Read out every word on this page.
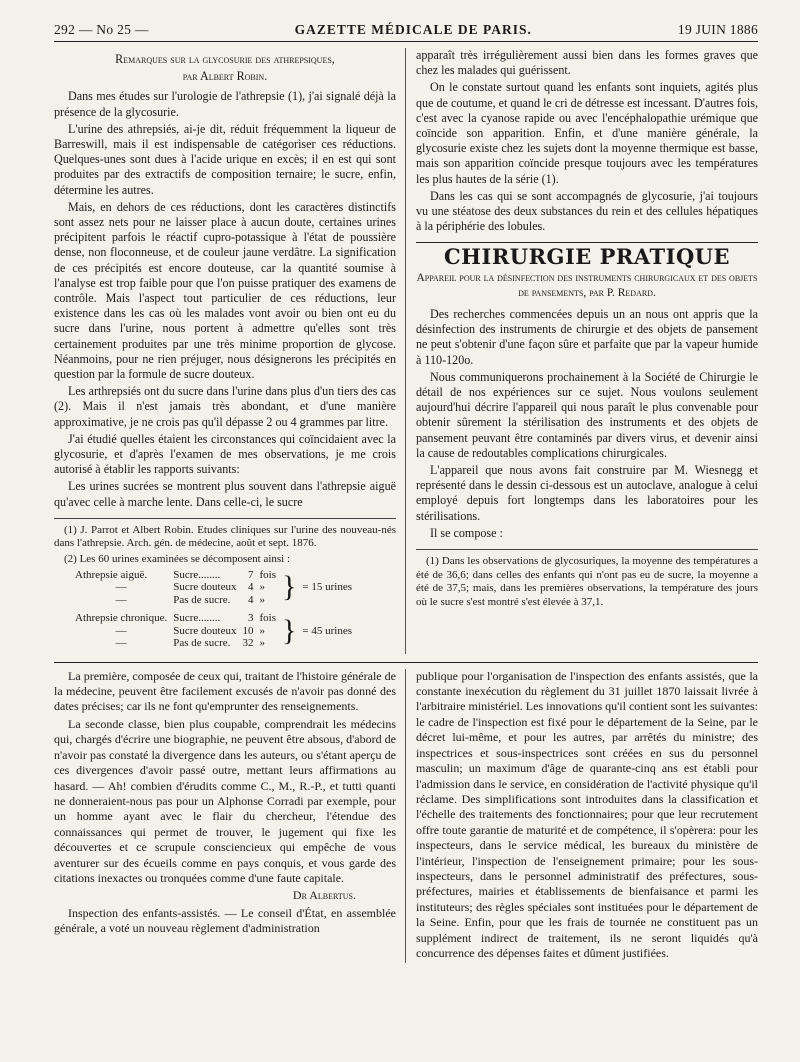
292 — No 25 —	GAZETTE MÉDICALE DE PARIS.	19 JUIN 1886

Remarques sur la glycosurie des athrepsiques,

par Albert Robin.

Dans mes études sur l'urologie de l'athrepsie (1), j'ai signalé déjà la présence de la glycosurie.

L'urine des athrepsiés, ai-je dit, réduit fréquemment la liqueur de Barreswill, mais il est indispensable de catégoriser ces réductions. Quelques-unes sont dues à l'acide urique en excès; il en est qui sont produites par des extractifs de composition ternaire; le sucre, enfin, détermine les autres.

Mais, en dehors de ces réductions, dont les caractères distinctifs sont assez nets pour ne laisser place à aucun doute, certaines urines précipitent parfois le réactif cupro-potassique à l'état de poussière dense, non floconneuse, et de couleur jaune verdâtre. La signification de ces précipités est encore douteuse, car la quantité soumise à l'analyse est trop faible pour que l'on puisse pratiquer des examens de contrôle. Mais l'aspect tout particulier de ces réductions, leur existence dans les cas où les malades vont avoir ou bien ont eu du sucre dans l'urine, nous portent à admettre qu'elles sont très certainement produites par une très minime proportion de glycose. Néanmoins, pour ne rien préjuger, nous désignerons les précipités en question par la formule de sucre douteux.

Les arthrepsiés ont du sucre dans l'urine dans plus d'un tiers des cas (2). Mais il n'est jamais très abondant, et d'une manière approximative, je ne crois pas qu'il dépasse 2 ou 4 grammes par litre.

J'ai étudié quelles étaient les circonstances qui coïncidaient avec la glycosurie, et d'après l'examen de mes observations, je me crois autorisé à établir les rapports suivants:

Les urines sucrées se montrent plus souvent dans l'athrepsie aiguë qu'avec celle à marche lente. Dans celle-ci, le sucre

(1) J. Parrot et Albert Robin. Etudes cliniques sur l'urine des nouveau-nés dans l'athrepsie. Arch. gén. de médecine, août et sept. 1876.

(2) Les 60 urines examinées se décomposent ainsi :

Athrepsie aiguë.	Sucre........	7	fois	}	= 15 urines
—	Sucre douteux	4	»		
—	Pas de sucre.	4	»		

Athrepsie chronique.	Sucre........	3	fois	}	= 45 urines
—	Sucre douteux	10	»		
—	Pas de sucre.	32	»		

apparaît très irrégulièrement aussi bien dans les formes graves que chez les malades qui guérissent.

On le constate surtout quand les enfants sont inquiets, agités plus que de coutume, et quand le cri de détresse est incessant. D'autres fois, c'est avec la cyanose rapide ou avec l'encéphalopathie urémique que coïncide son apparition. Enfin, et d'une manière générale, la glycosurie existe chez les sujets dont la moyenne thermique est basse, mais son apparition coïncide presque toujours avec les températures les plus hautes de la série (1).

Dans les cas qui se sont accompagnés de glycosurie, j'ai toujours vu une stéatose des deux substances du rein et des cellules hépatiques à la périphérie des lobules.

CHIRURGIE PRATIQUE

Appareil pour la désinfection des instruments chirurgicaux et des objets de pansements, par P. Redard.

Des recherches commencées depuis un an nous ont appris que la désinfection des instruments de chirurgie et des objets de pansement ne peut s'obtenir d'une façon sûre et parfaite que par la vapeur humide à 110-120o.

Nous communiquerons prochainement à la Société de Chirurgie le détail de nos expériences sur ce sujet. Nous voulons seulement aujourd'hui décrire l'appareil qui nous paraît le plus convenable pour obtenir sûrement la stérilisation des instruments et des objets de pansement peuvant être contaminés par divers virus, et devenir ainsi la cause de redoutables complications chirurgicales.

L'appareil que nous avons fait construire par M. Wiesnegg et représenté dans le dessin ci-dessous est un autoclave, analogue à celui employé depuis fort longtemps dans les laboratoires pour les stérilisations.

Il se compose :

(1) Dans les observations de glycosuriques, la moyenne des températures a été de 36,6; dans celles des enfants qui n'ont pas eu de sucre, la moyenne a été de 37,5; mais, dans les premières observations, la température des jours où le sucre s'est montré s'est élevée à 37,1.

La première, composée de ceux qui, traitant de l'histoire générale de la médecine, peuvent être facilement excusés de n'avoir pas donné des dates précises; car ils ne font qu'emprunter des renseignements.

La seconde classe, bien plus coupable, comprendrait les médecins qui, chargés d'écrire une biographie, ne peuvent être absous, d'abord de n'avoir pas constaté la divergence dans les auteurs, ou s'étant aperçu de ces divergences d'avoir passé outre, mettant leurs affirmations au hasard. — Ah! combien d'érudits comme C., M., R.-P., et tutti quanti ne donneraient-nous pas pour un Alphonse Corradi par exemple, pour un homme ayant avec le flair du chercheur, l'étendue des connaissances qui permet de trouver, le jugement qui fixe les découvertes et ce scrupule consciencieux qui empêche de vous aventurer sur des écueils comme en pays conquis, et vous garde des citations inexactes ou tronquées comme d'une faute capitale.

Dr Albertus.

Inspection des enfants-assistés. — Le conseil d'État, en assemblée générale, a voté un nouveau règlement d'administration

publique pour l'organisation de l'inspection des enfants assistés, que la constante inexécution du règlement du 31 juillet 1870 laissait livrée à l'arbitraire ministériel. Les innovations qu'il contient sont les suivantes: le cadre de l'inspection est fixé pour le département de la Seine, par le décret lui-même, et pour les autres, par arrêtés du ministre; des inspectrices et sous-inspectrices sont créées en sus du personnel masculin; un maximum d'âge de quarante-cinq ans est établi pour l'admission dans le service, en considération de l'activité physique qu'il réclame. Des simplifications sont introduites dans la classification et l'échelle des traitements des fonctionnaires; pour que leur recrutement offre toute garantie de maturité et de compétence, il s'opèrera: pour les inspecteurs, dans le service médical, les bureaux du ministère de l'intérieur, l'inspection de l'enseignement primaire; pour les sous-inspecteurs, dans le personnel administratif des préfectures, sous-préfectures, mairies et établissements de bienfaisance et parmi les instituteurs; des règles spéciales sont instituées pour le département de la Seine. Enfin, pour que les frais de tournée ne constituent pas un supplément indirect de traitement, ils ne seront liquidés qu'à concurrence des dépenses faites et dûment justifiées.
